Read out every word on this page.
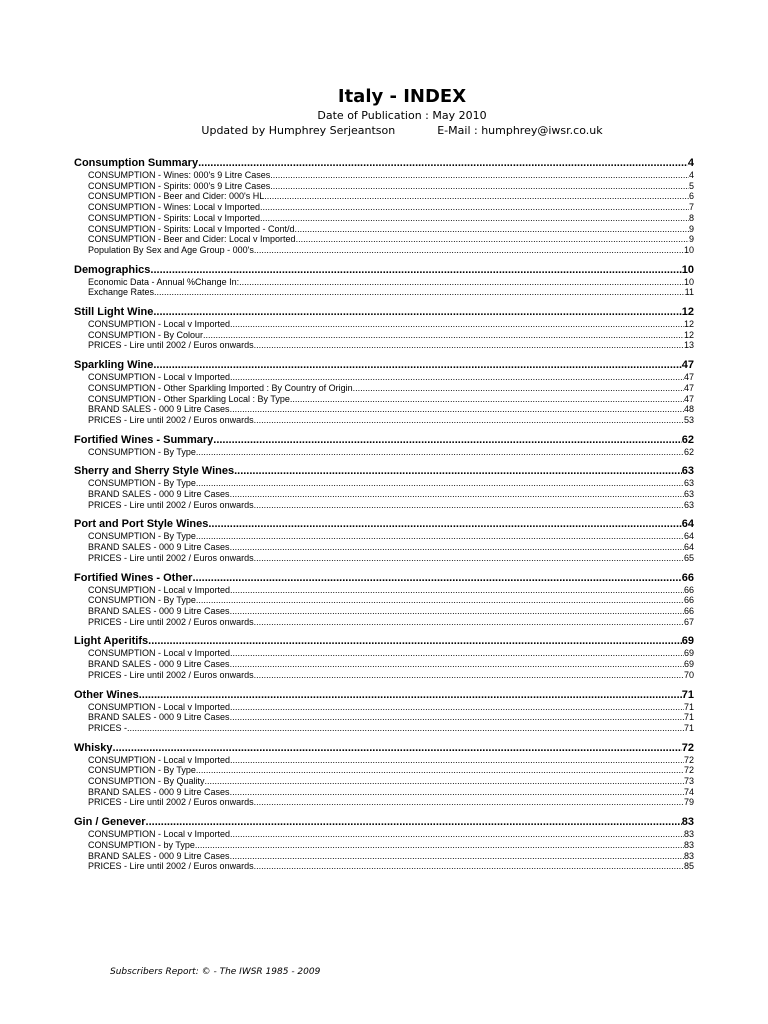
Italy - INDEX
Date of Publication : May 2010
Updated by Humphrey Serjeantson	E-Mail : humphrey@iwsr.co.uk
Consumption Summary .....	4
CONSUMPTION - Wines: 000's 9 Litre Cases .....	4
CONSUMPTION - Spirits: 000's 9 Litre Cases .....	5
CONSUMPTION - Beer and Cider: 000's HL .....	6
CONSUMPTION - Wines: Local v Imported .....	7
CONSUMPTION - Spirits: Local v Imported .....	8
CONSUMPTION - Spirits: Local v Imported - Cont/d. .....	9
CONSUMPTION - Beer and Cider: Local v Imported .....	9
Population By Sex and Age Group - 000's .....	10
Demographics .....	10
Economic Data - Annual %Change In: .....	10
Exchange Rates .....	11
Still Light Wine .....	12
CONSUMPTION - Local v Imported .....	12
CONSUMPTION - By Colour .....	12
PRICES - Lire until 2002 / Euros onwards .....	13
Sparkling Wine .....	47
CONSUMPTION - Local v Imported .....	47
CONSUMPTION - Other Sparkling Imported : By Country of Origin .....	47
CONSUMPTION - Other Sparkling Local : By Type .....	47
BRAND SALES - 000 9 Litre Cases .....	48
PRICES - Lire until 2002 / Euros onwards .....	53
Fortified Wines - Summary .....	62
CONSUMPTION - By Type .....	62
Sherry and Sherry Style Wines .....	63
CONSUMPTION - By Type .....	63
BRAND SALES - 000 9 Litre Cases .....	63
PRICES - Lire until 2002 / Euros onwards .....	63
Port and Port Style Wines .....	64
CONSUMPTION - By Type .....	64
BRAND SALES - 000 9 Litre Cases .....	64
PRICES - Lire until 2002 / Euros onwards .....	65
Fortified Wines - Other .....	66
CONSUMPTION - Local v Imported .....	66
CONSUMPTION - By Type .....	66
BRAND SALES - 000 9 Litre Cases .....	66
PRICES - Lire until 2002 / Euros onwards .....	67
Light Aperitifs .....	69
CONSUMPTION - Local v Imported .....	69
BRAND SALES - 000 9 Litre Cases .....	69
PRICES - Lire until 2002 / Euros onwards .....	70
Other Wines .....	71
CONSUMPTION - Local v Imported .....	71
BRAND SALES - 000 9 Litre Cases .....	71
PRICES - .....	71
Whisky .....	72
CONSUMPTION - Local v Imported .....	72
CONSUMPTION - By Type .....	72
CONSUMPTION - By Quality .....	73
BRAND SALES - 000 9 Litre Cases .....	74
PRICES - Lire until 2002 / Euros onwards .....	79
Gin / Genever .....	83
CONSUMPTION - Local v Imported .....	83
CONSUMPTION - by Type .....	83
BRAND SALES - 000 9 Litre Cases .....	83
PRICES - Lire until 2002 / Euros onwards .....	85
Subscribers Report: © - The IWSR 1985 - 2009
